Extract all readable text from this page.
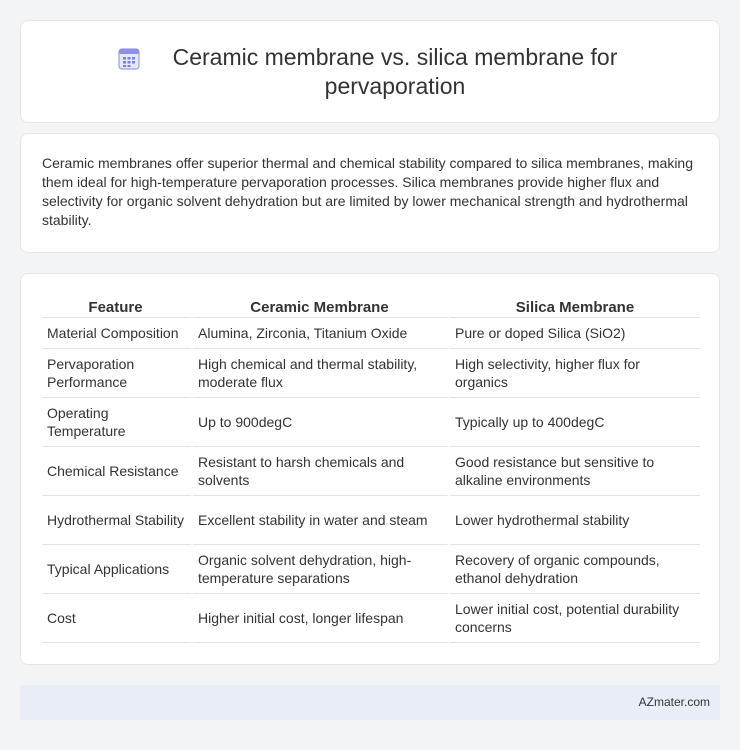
Ceramic membrane vs. silica membrane for
pervaporation

Ceramic membranes offer superior thermal and chemical stability compared to silica membranes, making them ideal for high-temperature pervaporation processes. Silica membranes provide higher flux and selectivity for organic solvent dehydration but are limited by lower mechanical strength and hydrothermal stability.

Feature	Ceramic Membrane	Silica Membrane
Material Composition	Alumina, Zirconia, Titanium Oxide	Pure or doped Silica (SiO2)
Pervaporation Performance	High chemical and thermal stability, moderate flux	High selectivity, higher flux for organics
Operating Temperature	Up to 900degC	Typically up to 400degC
Chemical Resistance	Resistant to harsh chemicals and solvents	Good resistance but sensitive to alkaline environments
Hydrothermal Stability	Excellent stability in water and steam	Lower hydrothermal stability
Typical Applications	Organic solvent dehydration, high-temperature separations	Recovery of organic compounds, ethanol dehydration
Cost	Higher initial cost, longer lifespan	Lower initial cost, potential durability concerns
AZmater.com
